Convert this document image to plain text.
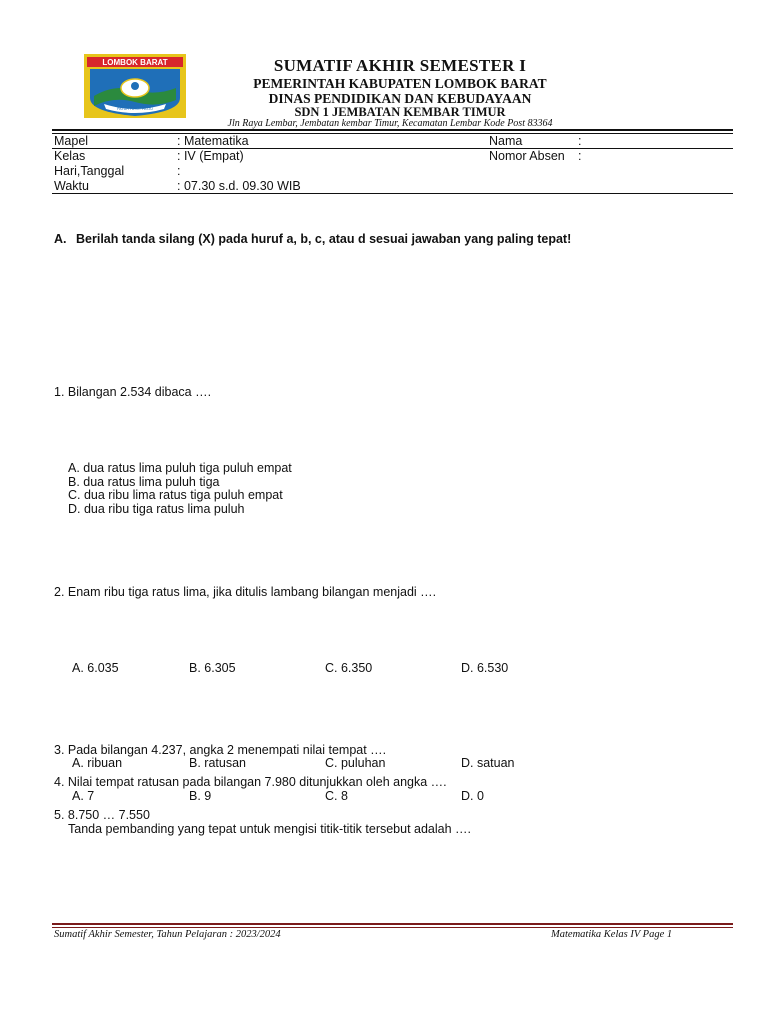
LOMBOK BARAT
PATUH PATUT PATJU
SUMATIF AKHIR SEMESTER I
PEMERINTAH KABUPATEN LOMBOK BARAT
DINAS PENDIDIKAN DAN KEBUDAYAAN
SDN 1 JEMBATAN KEMBAR TIMUR
Jln Raya Lembar, Jembatan kembar Timur, Kecamatan Lembar Kode Post 83364
Mapel	: Matematika	Nama	:
Kelas	: IV (Empat)	Nomor Absen :
Hari,Tanggal	:
Waktu	: 07.30 s.d. 09.30 WIB
A. Berilah tanda silang (X) pada huruf a, b, c, atau d sesuai jawaban yang paling tepat!
1. Bilangan 2.534 dibaca ….
A. dua ratus lima puluh tiga puluh empat
B. dua ratus lima puluh tiga
C. dua ribu lima ratus tiga puluh empat
D. dua ribu tiga ratus lima puluh
2. Enam ribu tiga ratus lima, jika ditulis lambang bilangan menjadi ….
A. 6.035	B. 6.305	C. 6.350	D. 6.530
3. Pada bilangan 4.237, angka 2 menempati nilai tempat ….
A. ribuan	B. ratusan	C. puluhan	D. satuan
4. Nilai tempat ratusan pada bilangan 7.980 ditunjukkan oleh angka ….
A. 7	B. 9	C. 8	D. 0
5. 8.750 … 7.550
Tanda pembanding yang tepat untuk mengisi titik-titik tersebut adalah ….
Sumatif Akhir Semester, Tahun Pelajaran : 2023/2024	Matematika Kelas IV Page 1
